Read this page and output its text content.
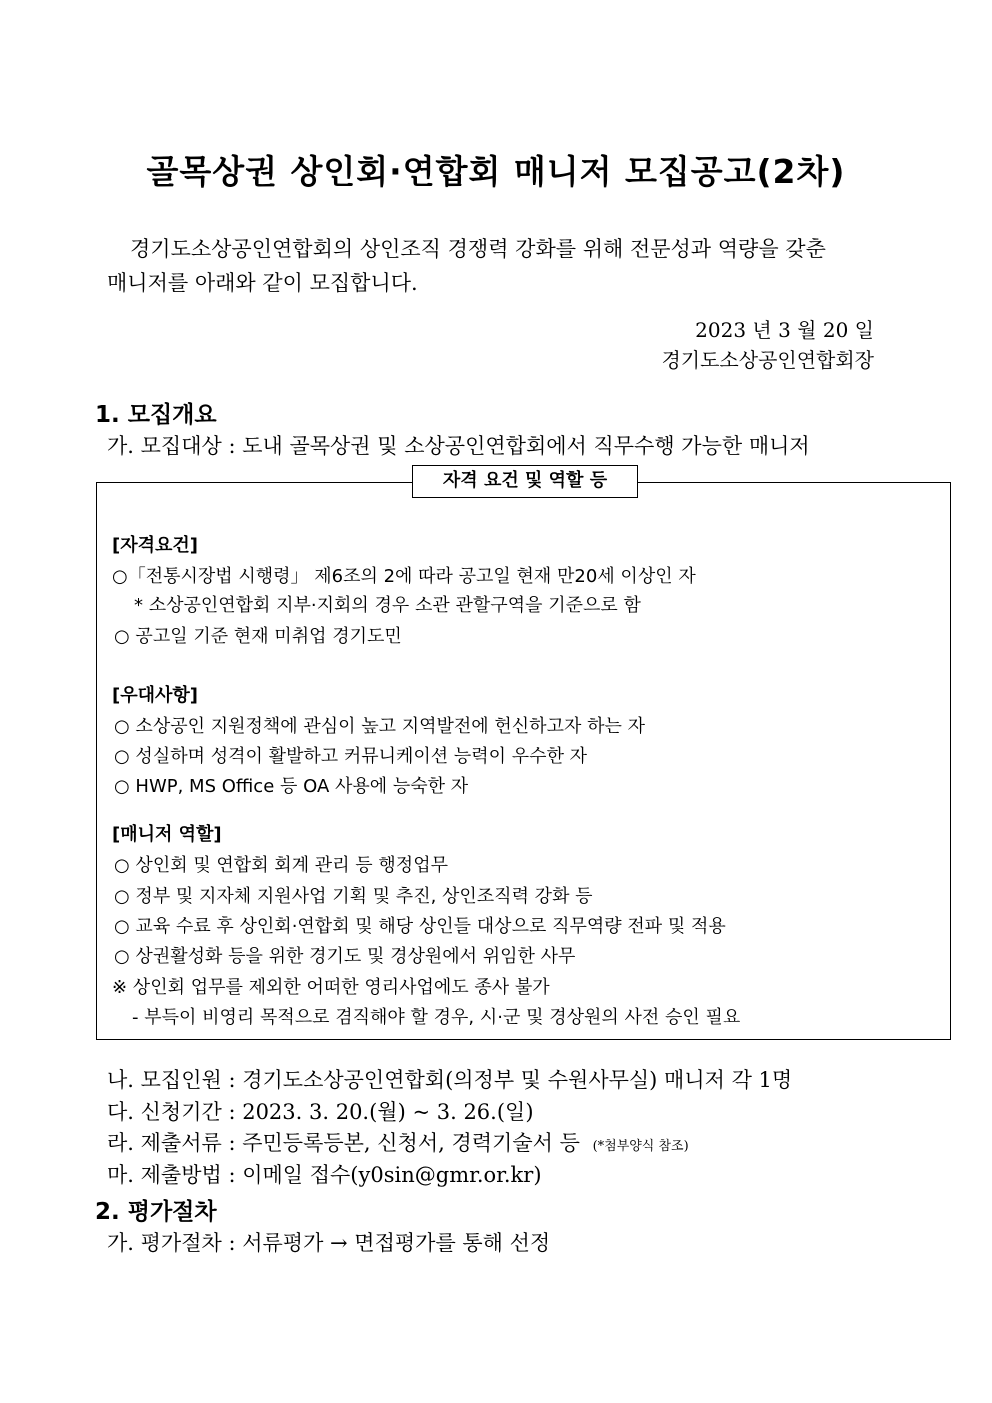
골목상권 상인회·연합회 매니저 모집공고(2차)
경기도소상공인연합회의 상인조직 경쟁력 강화를 위해 전문성과 역량을 갖춘
매니저를 아래와 같이 모집합니다.
2023 년 3 월 20 일
경기도소상공인연합회장
1. 모집개요
가. 모집대상 : 도내 골목상권 및 소상공인연합회에서 직무수행 가능한 매니저
자격 요건 및 역할 등
[자격요건]
○「전통시장법 시행령」 제6조의 2에 따라 공고일 현재 만20세 이상인 자
* 소상공인연합회 지부·지회의 경우 소관 관할구역을 기준으로 함
○ 공고일 기준 현재 미취업 경기도민
[우대사항]
○ 소상공인 지원정책에 관심이 높고 지역발전에 헌신하고자 하는 자
○ 성실하며 성격이 활발하고 커뮤니케이션 능력이 우수한 자
○ HWP, MS Office 등 OA 사용에 능숙한 자
[매니저 역할]
○ 상인회 및 연합회 회계 관리 등 행정업무
○ 정부 및 지자체 지원사업 기획 및 추진, 상인조직력 강화 등
○ 교육 수료 후 상인회·연합회 및 해당 상인들 대상으로 직무역량 전파 및 적용
○ 상권활성화 등을 위한 경기도 및 경상원에서 위임한 사무
※ 상인회 업무를 제외한 어떠한 영리사업에도 종사 불가
- 부득이 비영리 목적으로 겸직해야 할 경우, 시·군 및 경상원의 사전 승인 필요
나. 모집인원 : 경기도소상공인연합회(의정부 및 수원사무실) 매니저 각 1명
다. 신청기간 : 2023. 3. 20.(월) ~ 3. 26.(일)
라. 제출서류 : 주민등록등본, 신청서, 경력기술서 등 (*첨부양식 참조)
마. 제출방법 : 이메일 접수(y0sin@gmr.or.kr)
2. 평가절차
가. 평가절차 : 서류평가 → 면접평가를 통해 선정
